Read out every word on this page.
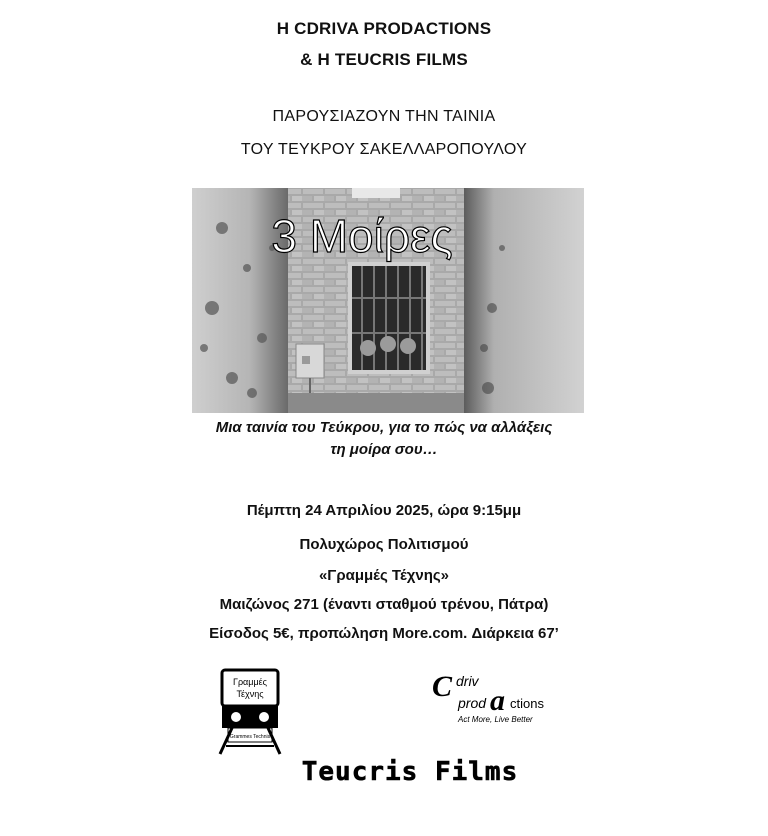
Η CDRIVA PRODACTIONS
& Η TEUCRIS FILMS
ΠΑΡΟΥΣΙΑΖΟΥΝ ΤΗΝ ΤΑΙΝΙΑ
ΤΟΥ ΤΕΥΚΡΟΥ ΣΑΚΕΛΛΑΡΟΠΟΥΛΟΥ
3 Μοίρες
Μια ταινία του Τεύκρου, για το πώς να αλλάξεις
τη μοίρα σου…
Πέμπτη 24 Απριλίου 2025, ώρα 9:15μμ
Πολυχώρος Πολιτισμού
«Γραμμές Τέχνης»
Μαιζώνος 271 (έναντι σταθμού τρένου, Πάτρα)
Είσοδος 5€, προπώληση More.com. Διάρκεια 67’
Γραμμές
Τέχνης
Grammes Technis
C driv
a
prod ctions
Act More, Live Better
Teucris Films
